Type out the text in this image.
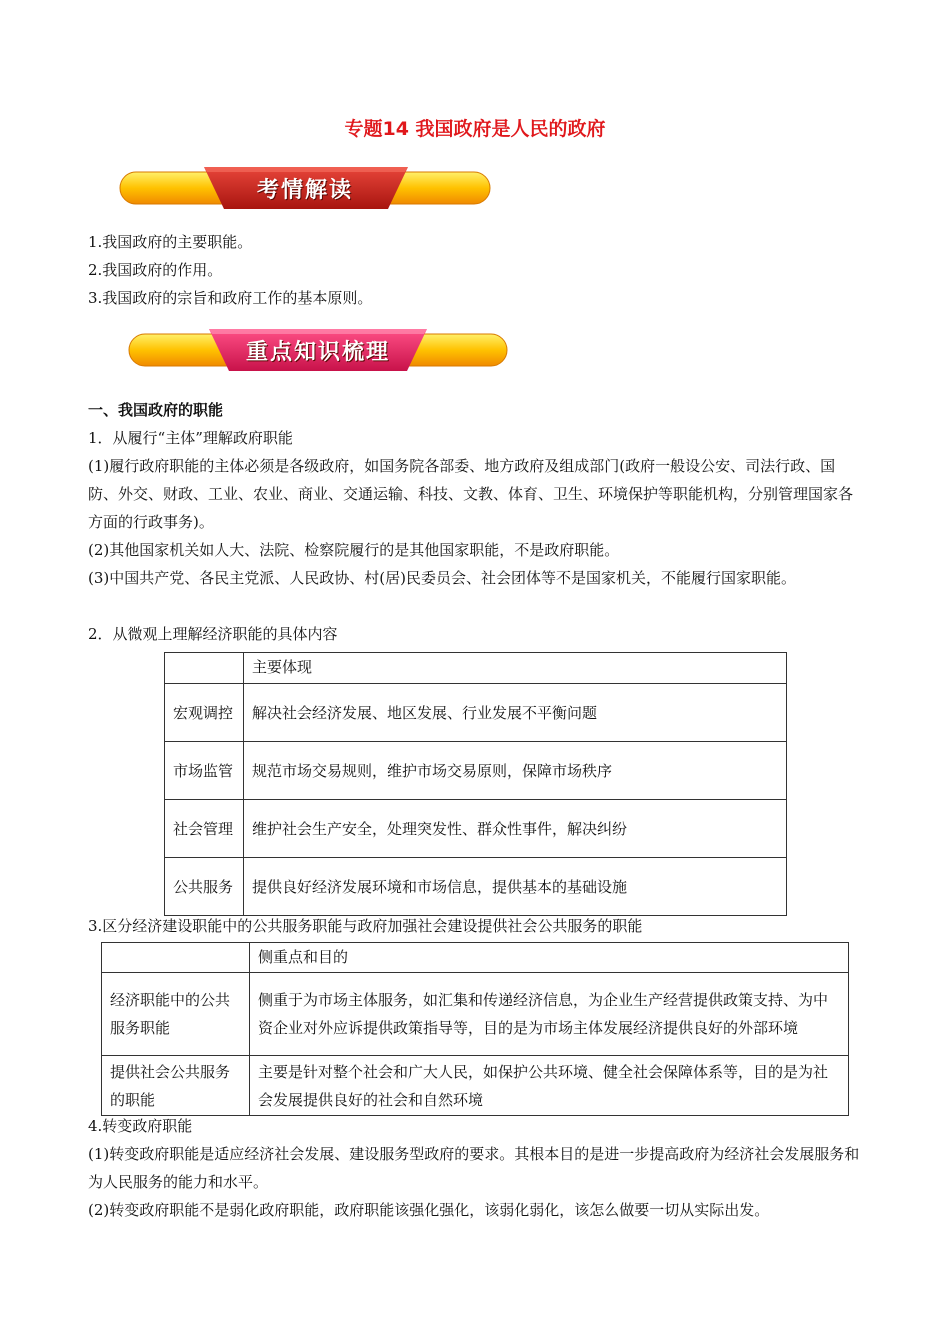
专题14 我国政府是人民的政府
考情解读
1.我国政府的主要职能。
2.我国政府的作用。
3.我国政府的宗旨和政府工作的基本原则。
重点知识梳理
一、我国政府的职能
1．从履行“主体”理解政府职能
(1)履行政府职能的主体必须是各级政府，如国务院各部委、地方政府及组成部门(政府一般设公安、司法行政、国防、外交、财政、工业、农业、商业、交通运输、科技、文教、体育、卫生、环境保护等职能机构，分别管理国家各方面的行政事务)。
(2)其他国家机关如人大、法院、检察院履行的是其他国家职能，不是政府职能。
(3)中国共产党、各民主党派、人民政协、村(居)民委员会、社会团体等不是国家机关，不能履行国家职能。
2．从微观上理解经济职能的具体内容
	主要体现
宏观调控	解决社会经济发展、地区发展、行业发展不平衡问题
市场监管	规范市场交易规则，维护市场交易原则，保障市场秩序
社会管理	维护社会生产安全，处理突发性、群众性事件，解决纠纷
公共服务	提供良好经济发展环境和市场信息，提供基本的基础设施
3.区分经济建设职能中的公共服务职能与政府加强社会建设提供社会公共服务的职能
	侧重点和目的
经济职能中的公共服务职能	侧重于为市场主体服务，如汇集和传递经济信息，为企业生产经营提供政策支持、为中资企业对外应诉提供政策指导等，目的是为市场主体发展经济提供良好的外部环境
提供社会公共服务的职能	主要是针对整个社会和广大人民，如保护公共环境、健全社会保障体系等，目的是为社会发展提供良好的社会和自然环境
4.转变政府职能
(1)转变政府职能是适应经济社会发展、建设服务型政府的要求。其根本目的是进一步提高政府为经济社会发展服务和为人民服务的能力和水平。
(2)转变政府职能不是弱化政府职能，政府职能该强化强化，该弱化弱化，该怎么做要一切从实际出发。
